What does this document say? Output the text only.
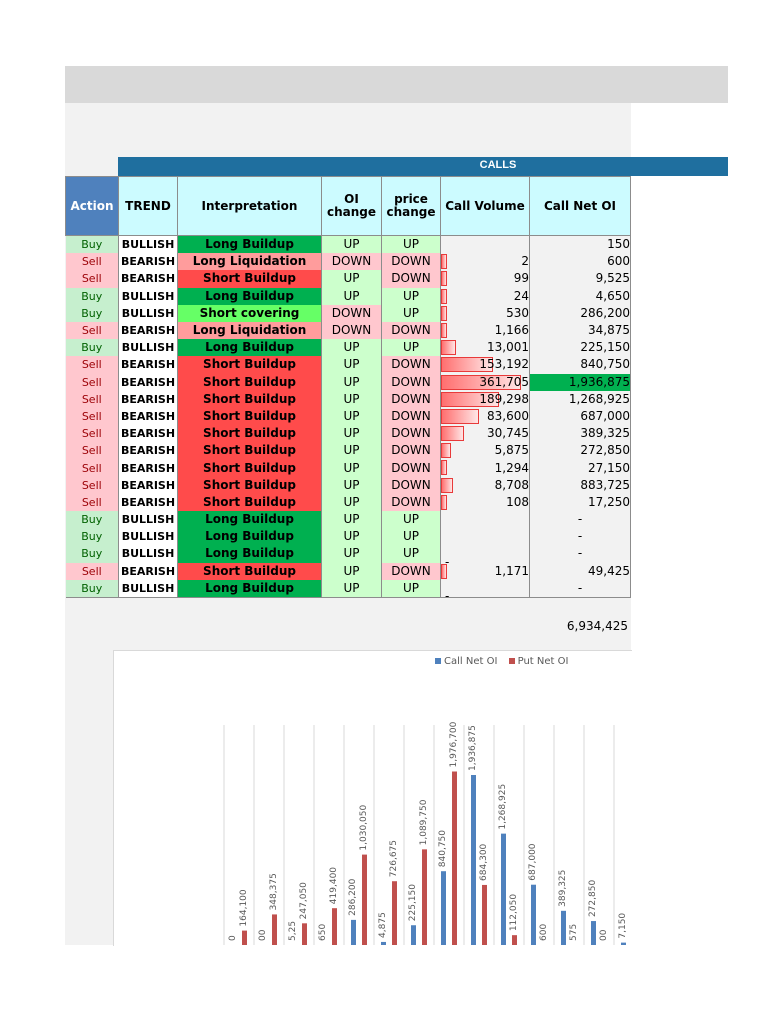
CALLS
Action	TREND	Interpretation	OI change	price change	Call Volume	Call Net OI
Buy	BULLISH	Long Buildup	UP	UP	-	150
Sell	BEARISH	Long Liquidation	DOWN	DOWN	2	600
Sell	BEARISH	Short Buildup	UP	DOWN	99	9,525
Buy	BULLISH	Long Buildup	UP	UP	24	4,650
Buy	BULLISH	Short covering	DOWN	UP	530	286,200
Sell	BEARISH	Long Liquidation	DOWN	DOWN	1,166	34,875
Buy	BULLISH	Long Buildup	UP	UP	13,001	225,150
Sell	BEARISH	Short Buildup	UP	DOWN	153,192	840,750
Sell	BEARISH	Short Buildup	UP	DOWN	361,705	1,936,875
Sell	BEARISH	Short Buildup	UP	DOWN	189,298	1,268,925
Sell	BEARISH	Short Buildup	UP	DOWN	83,600	687,000
Sell	BEARISH	Short Buildup	UP	DOWN	30,745	389,325
Sell	BEARISH	Short Buildup	UP	DOWN	5,875	272,850
Sell	BEARISH	Short Buildup	UP	DOWN	1,294	27,150
Sell	BEARISH	Short Buildup	UP	DOWN	8,708	883,725
Sell	BEARISH	Short Buildup	UP	DOWN	108	17,250
Buy	BULLISH	Long Buildup	UP	UP	-	-
Buy	BULLISH	Long Buildup	UP	UP	-	-
Buy	BULLISH	Long Buildup	UP	UP	-	-
Sell	BEARISH	Short Buildup	UP	DOWN	1,171	49,425
Buy	BULLISH	Long Buildup	UP	UP	-	-
6,934,425
Call Net OI Put Net OI
0
164,100
00
348,375
5,25
247,050
650
419,400 286,200
1,030,050
4,875
726,675
225,150
1,089,750
840,750
1,976,700 1,936,875
684,300
1,268,925
112,050
687,000
600
389,325
575
272,850
00 7,150
